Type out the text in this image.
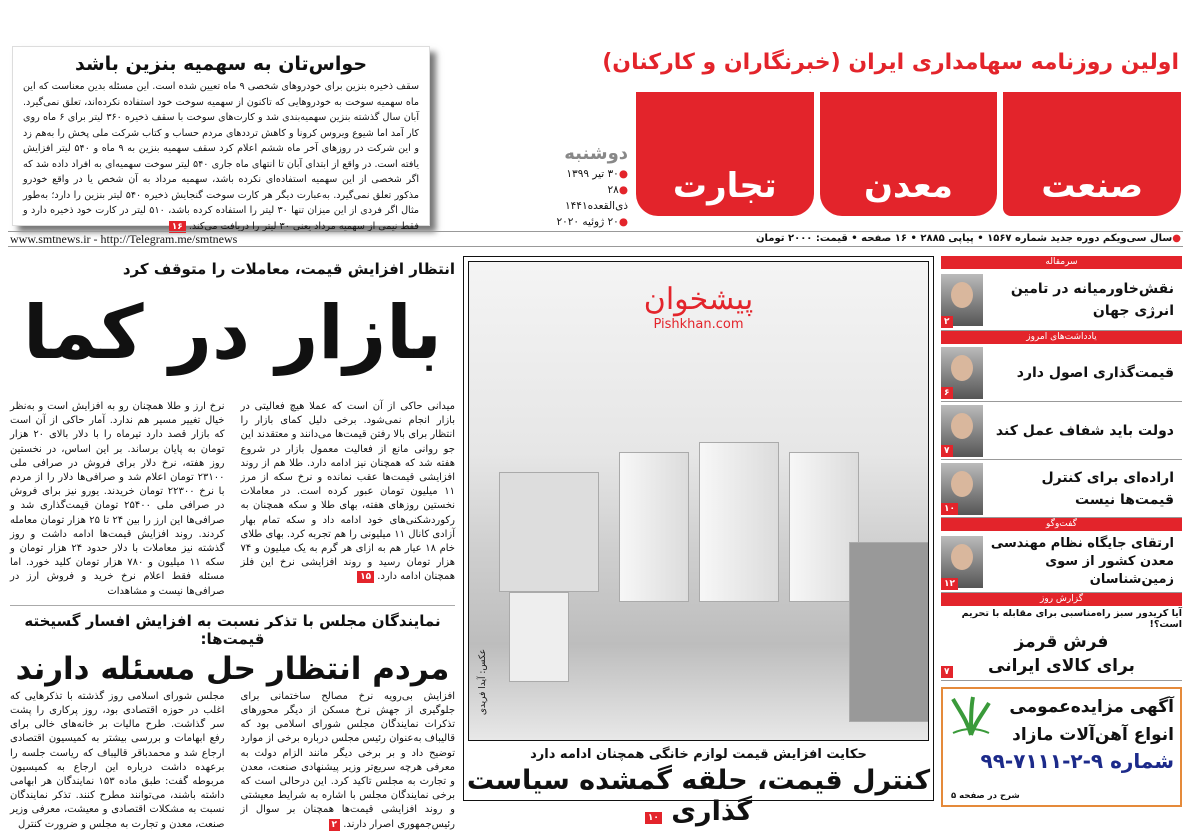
حواس‌تان به سهمیه بنزین باشد

سقف ذخیره بنزین برای خودروهای شخصی ۹ ماه تعیین شده است. این مسئله بدین معناست که این ماه سهمیه سوخت به خودروهایی که تاکنون از سهمیه سوخت خود استفاده نکرده‌اند، تعلق نمی‌گیرد. آبان سال گذشته بنزین سهمیه‌بندی شد و کارت‌های سوخت با سقف ذخیره ۳۶۰ لیتر برای ۶ ماه روی کار آمد اما شیوع ویروس کرونا و کاهش ترددهای مردم حساب و کتاب شرکت ملی پخش را به‌هم زد و این شرکت در روزهای آخر ماه ششم اعلام کرد سقف سهمیه بنزین به ۹ ماه و ۵۴۰ لیتر افزایش یافته است. در واقع از ابتدای آبان تا انتهای ماه جاری ۵۴۰ لیتر سوخت سهمیه‌ای به افراد داده شد که اگر شخصی از این سهمیه استفاده‌ای نکرده باشد، سهمیه مرداد به آن شخص یا در واقع خودرو مذکور تعلق نمی‌گیرد. به‌عبارت دیگر هر کارت سوخت گنجایش ذخیره ۵۴۰ لیتر بنزین را دارد؛ به‌طور مثال اگر فردی از این میزان تنها ۳۰ لیتر را استفاده کرده باشد، ۵۱۰ لیتر در کارت خود ذخیره دارد و فقط نیمی از سهمیه مرداد یعنی ۳۰ لیتر را دریافت می‌کند. ۱۶

اولین روزنامه سهامداری ایران (خبرنگاران و کارکنان)
صنعت
معدن
تجارت
دوشنبه
●۳۰ تیر ۱۳۹۹
●۲۸ ذی‌القعده۱۴۴۱
●۲۰ ژوئیه ۲۰۲۰
www.smtnews.ir - http://Telegram.me/smtnews	●سال سی‌ویکم دوره جدید شماره ۱۵۶۷ • پیاپی ۲۸۸۵ • ۱۶ صفحه • قیمت: ۲۰۰۰ تومان
انتظار افزایش قیمت، معاملات را متوقف کرد
بازار در کما

نرخ ارز و طلا همچنان رو به افزایش است و به‌نظر خیال تغییر مسیر هم ندارد. آمار حاکی از آن است که بازار قصد دارد تیرماه را با دلار بالای ۲۰ هزار تومان به پایان برساند. بر این اساس، در نخستین روز هفته، نرخ دلار برای فروش در صرافی ملی ۲۳۱۰۰ تومان اعلام شد و صرافی‌ها دلار را از مردم با نرخ ۲۲۳۰۰ تومان خریدند. یورو نیز برای فروش در صرافی ملی ۲۵۴۰۰ تومان قیمت‌گذاری شد و صرافی‌ها این ارز را بین ۲۴ تا ۲۵ هزار تومان معامله کردند. روند افزایش قیمت‌ها ادامه داشت و روز گذشته نیز معاملات با دلار حدود ۲۴ هزار تومان و سکه ۱۱ میلیون و ۷۸۰ هزار تومان کلید خورد. اما مسئله فقط اعلام نرخ خرید و فروش ارز در صرافی‌ها نیست و مشاهدات

میدانی حاکی از آن است که عملا هیچ فعالیتی در بازار انجام نمی‌شود. برخی دلیل کمای بازار را انتظار برای بالا رفتن قیمت‌ها می‌دانند و معتقدند این جو روانی مانع از فعالیت معمول بازار در شروع هفته شد که همچنان نیز ادامه دارد. طلا هم از روند افزایشی قیمت‌ها عقب نمانده و نرخ سکه از مرز ۱۱ میلیون تومان عبور کرده است. در معاملات نخستین روزهای هفته، بهای طلا و سکه همچنان به رکوردشکنی‌های خود ادامه داد و سکه تمام بهار آزادی کانال ۱۱ میلیونی را هم تجربه کرد. بهای طلای خام ۱۸ عیار هم به ازای هر گرم به یک میلیون و ۷۴ هزار تومان رسید و روند افزایشی نرخ این فلز همچنان ادامه دارد. ۱۵

نمایندگان مجلس با تذکر نسبت به افزایش افسار گسیخته قیمت‌ها:
مردم انتظار حل مسئله دارند

مجلس شورای اسلامی روز گذشته با تذکرهایی که اغلب در حوزه اقتصادی بود، روز پرکاری را پشت سر گذاشت. طرح مالیات بر خانه‌های خالی برای رفع ابهامات و بررسی بیشتر به کمیسیون اقتصادی ارجاع شد و محمدباقر قالیباف که ریاست جلسه را برعهده داشت درباره این ارجاع به کمیسیون مربوطه گفت: طبق ماده ۱۵۳ نمایندگان هر ابهامی داشته باشند، می‌توانند مطرح کنند. تذکر نمایندگان نسبت به مشکلات اقتصادی و معیشت، معرفی وزیر صنعت، معدن و تجارت به مجلس و ضرورت کنترل

افزایش بی‌رویه نرخ مصالح ساختمانی برای جلوگیری از جهش نرخ مسکن از دیگر محورهای تذکرات نمایندگان مجلس شورای اسلامی بود که قالیباف به‌عنوان رئیس مجلس درباره برخی از موارد توضیح داد و بر برخی دیگر مانند الزام دولت به معرفی هرچه سریع‌تر وزیر پیشنهادی صنعت، معدن و تجارت به مجلس تاکید کرد. این درحالی است که برخی نمایندگان مجلس با اشاره به شرایط معیشتی و روند افزایشی قیمت‌ها همچنان بر سوال از رئیس‌جمهوری اصرار دارند. ۲

پیشخوان
Pishkhan.com
عکس: آیدا فریدی
حکایت افزایش قیمت لوازم خانگی همچنان ادامه دارد
کنترل قیمت، حلقه گمشده سیاست گذاری ۱۰
سرمقاله
نقش‌خاورمیانه در تامین انرژی جهان
۲
یادداشت‌های امروز
قیمت‌گذاری اصول دارد
۶
دولت باید شفاف عمل کند
۷
اراده‌ای برای کنترل قیمت‌ها نیست
۱۰
گفت‌وگو
ارتقای جایگاه نظام مهندسی معدن کشور از سوی زمین‌شناسان
۱۲
گزارش روز
آیا کریدور سبز راه‌مناسبی برای مقابله با تحریم است؟!
فرش قرمز
برای کالای ایرانی
۷
آگهی مزایده‌عمومی
انواع آهن‌آلات مازاد
شماره ۹-۲-۷۱۱۱-۹۹
شرح در صفحه ۵
